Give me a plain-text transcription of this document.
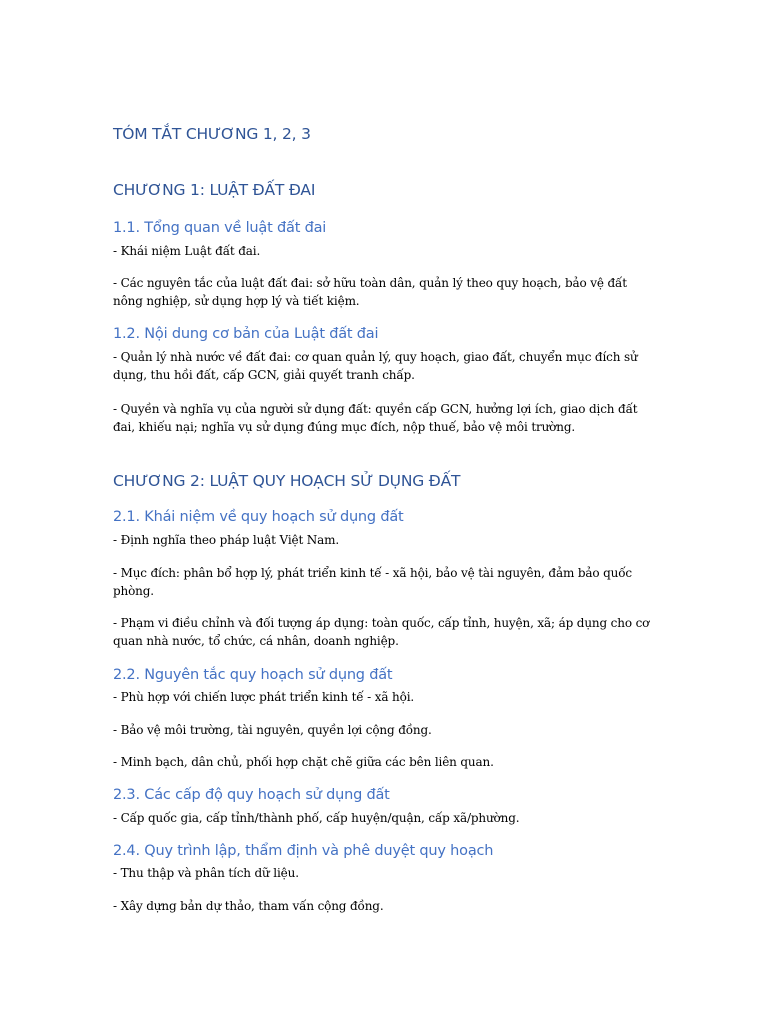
TÓM TẮT CHƯƠNG 1, 2, 3
CHƯƠNG 1: LUẬT ĐẤT ĐAI
1.1. Tổng quan về luật đất đai

- Khái niệm Luật đất đai.

- Các nguyên tắc của luật đất đai: sở hữu toàn dân, quản lý theo quy hoạch, bảo vệ đất nông nghiệp, sử dụng hợp lý và tiết kiệm.

1.2. Nội dung cơ bản của Luật đất đai

- Quản lý nhà nước về đất đai: cơ quan quản lý, quy hoạch, giao đất, chuyển mục đích sử dụng, thu hồi đất, cấp GCN, giải quyết tranh chấp.

- Quyền và nghĩa vụ của người sử dụng đất: quyền cấp GCN, hưởng lợi ích, giao dịch đất đai, khiếu nại; nghĩa vụ sử dụng đúng mục đích, nộp thuế, bảo vệ môi trường.

CHƯƠNG 2: LUẬT QUY HOẠCH SỬ DỤNG ĐẤT
2.1. Khái niệm về quy hoạch sử dụng đất

- Định nghĩa theo pháp luật Việt Nam.

- Mục đích: phân bổ hợp lý, phát triển kinh tế - xã hội, bảo vệ tài nguyên, đảm bảo quốc phòng.

- Phạm vi điều chỉnh và đối tượng áp dụng: toàn quốc, cấp tỉnh, huyện, xã; áp dụng cho cơ quan nhà nước, tổ chức, cá nhân, doanh nghiệp.

2.2. Nguyên tắc quy hoạch sử dụng đất

- Phù hợp với chiến lược phát triển kinh tế - xã hội.

- Bảo vệ môi trường, tài nguyên, quyền lợi cộng đồng.

- Minh bạch, dân chủ, phối hợp chặt chẽ giữa các bên liên quan.

2.3. Các cấp độ quy hoạch sử dụng đất

- Cấp quốc gia, cấp tỉnh/thành phố, cấp huyện/quận, cấp xã/phường.

2.4. Quy trình lập, thẩm định và phê duyệt quy hoạch

- Thu thập và phân tích dữ liệu.

- Xây dựng bản dự thảo, tham vấn cộng đồng.
